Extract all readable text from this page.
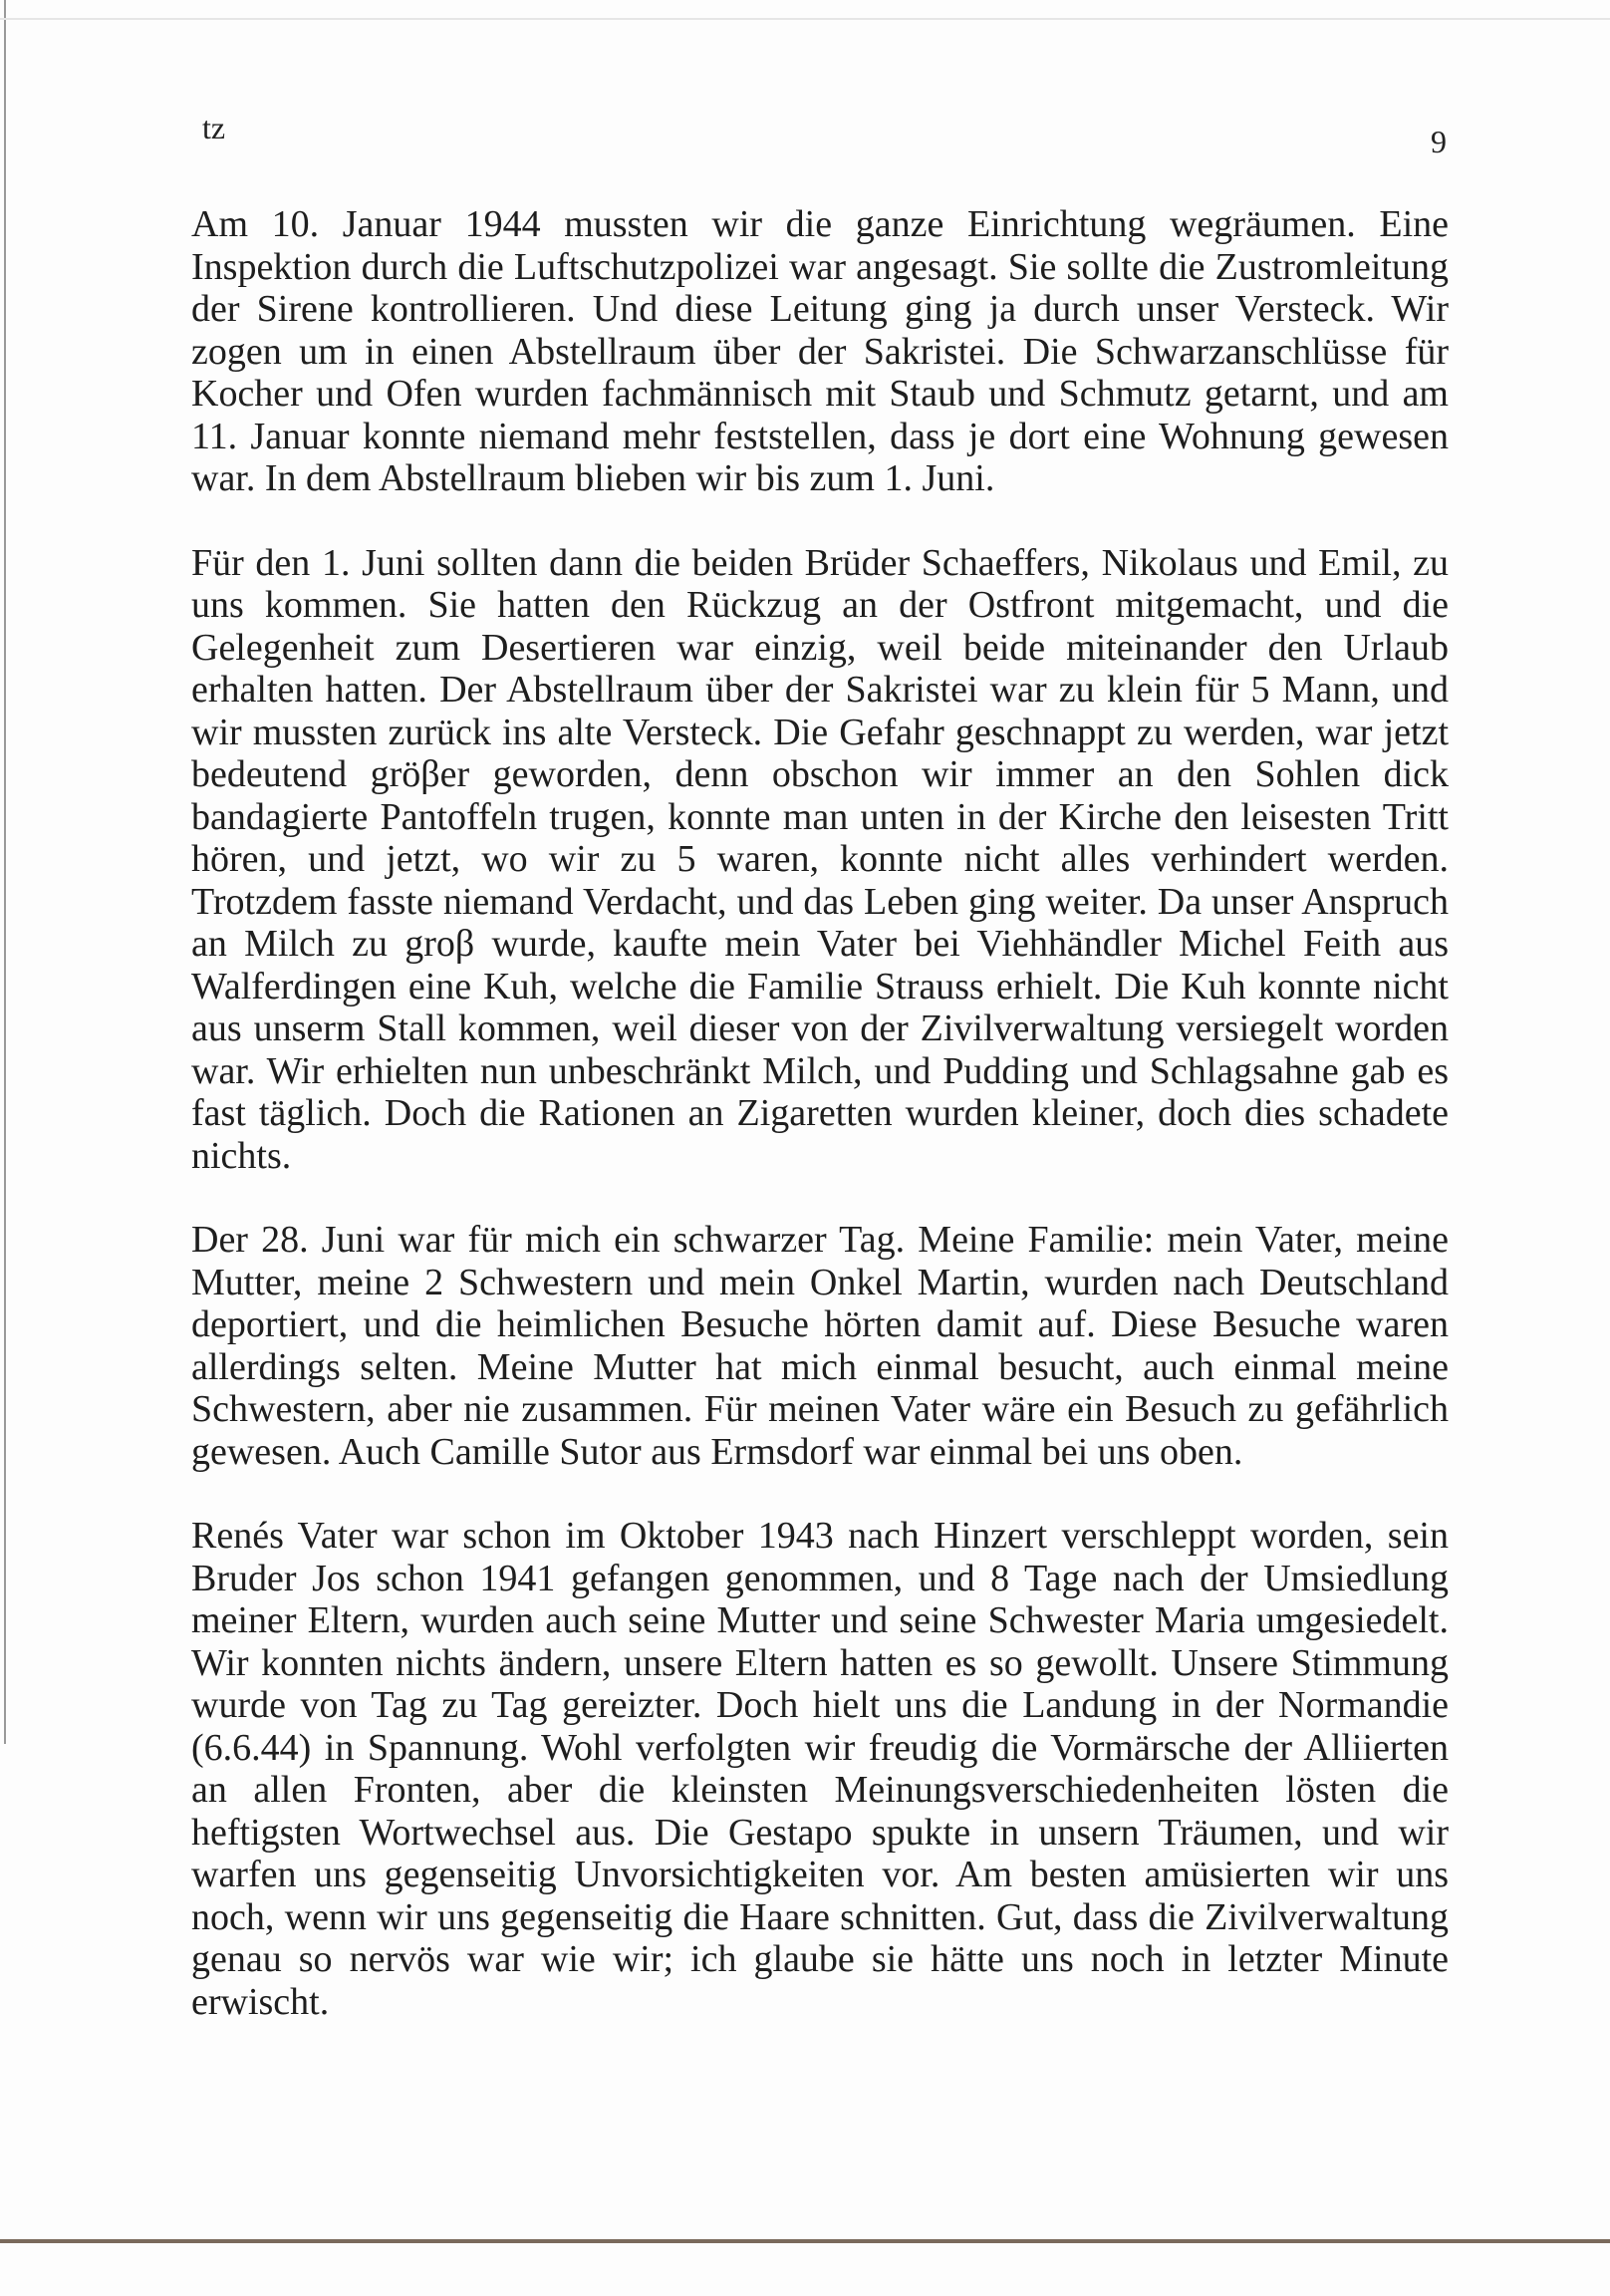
tz	9

Am 10. Januar 1944 mussten wir die ganze Einrichtung wegräumen. Eine Inspektion durch die Luftschutzpolizei war angesagt. Sie sollte die Zustromleitung der Sirene kontrollieren. Und diese Leitung ging ja durch unser Versteck. Wir zogen um in einen Abstellraum über der Sakristei. Die Schwarzanschlüsse für Kocher und Ofen wurden fachmännisch mit Staub und Schmutz getarnt, und am 11. Januar konnte niemand mehr feststellen, dass je dort eine Wohnung gewesen war. In dem Abstellraum blieben wir bis zum 1. Juni.

Für den 1. Juni sollten dann die beiden Brüder Schaeffers, Nikolaus und Emil, zu uns kommen. Sie hatten den Rückzug an der Ostfront mitgemacht, und die Gelegenheit zum Desertieren war einzig, weil beide miteinander den Urlaub erhalten hatten. Der Abstellraum über der Sakristei war zu klein für 5 Mann, und wir mussten zurück ins alte Versteck. Die Gefahr geschnappt zu werden, war jetzt bedeutend gröβer geworden, denn obschon wir immer an den Sohlen dick bandagierte Pantoffeln trugen, konnte man unten in der Kirche den leisesten Tritt hören, und jetzt, wo wir zu 5 waren, konnte nicht alles verhindert werden. Trotzdem fasste niemand Verdacht, und das Leben ging weiter. Da unser Anspruch an Milch zu groβ wurde, kaufte mein Vater bei Viehhändler Michel Feith aus Walferdingen eine Kuh, welche die Familie Strauss erhielt. Die Kuh konnte nicht aus unserm Stall kommen, weil dieser von der Zivilverwaltung versiegelt worden war. Wir erhielten nun unbeschränkt Milch, und Pudding und Schlagsahne gab es fast täglich. Doch die Rationen an Zigaretten wurden kleiner, doch dies schadete nichts.

Der 28. Juni war für mich ein schwarzer Tag. Meine Familie: mein Vater, meine Mutter, meine 2 Schwestern und mein Onkel Martin, wurden nach Deutschland deportiert, und die heimlichen Besuche hörten damit auf. Diese Besuche waren allerdings selten. Meine Mutter hat mich einmal besucht, auch einmal meine Schwestern, aber nie zusammen. Für meinen Vater wäre ein Besuch zu gefährlich gewesen. Auch Camille Sutor aus Ermsdorf war einmal bei uns oben.

Renés Vater war schon im Oktober 1943 nach Hinzert verschleppt worden, sein Bruder Jos schon 1941 gefangen genommen, und 8 Tage nach der Umsiedlung meiner Eltern, wurden auch seine Mutter und seine Schwester Maria umgesiedelt. Wir konnten nichts ändern, unsere Eltern hatten es so gewollt. Unsere Stimmung wurde von Tag zu Tag gereizter. Doch hielt uns die Landung in der Normandie (6.6.44) in Spannung. Wohl verfolgten wir freudig die Vormärsche der Alliierten an allen Fronten, aber die kleinsten Meinungsverschiedenheiten lösten die heftigsten Wortwechsel aus. Die Gestapo spukte in unsern Träumen, und wir warfen uns gegenseitig Unvorsichtigkeiten vor. Am besten amüsierten wir uns noch, wenn wir uns gegenseitig die Haare schnitten. Gut, dass die Zivilverwaltung genau so nervös war wie wir; ich glaube sie hätte uns noch in letzter Minute erwischt.
